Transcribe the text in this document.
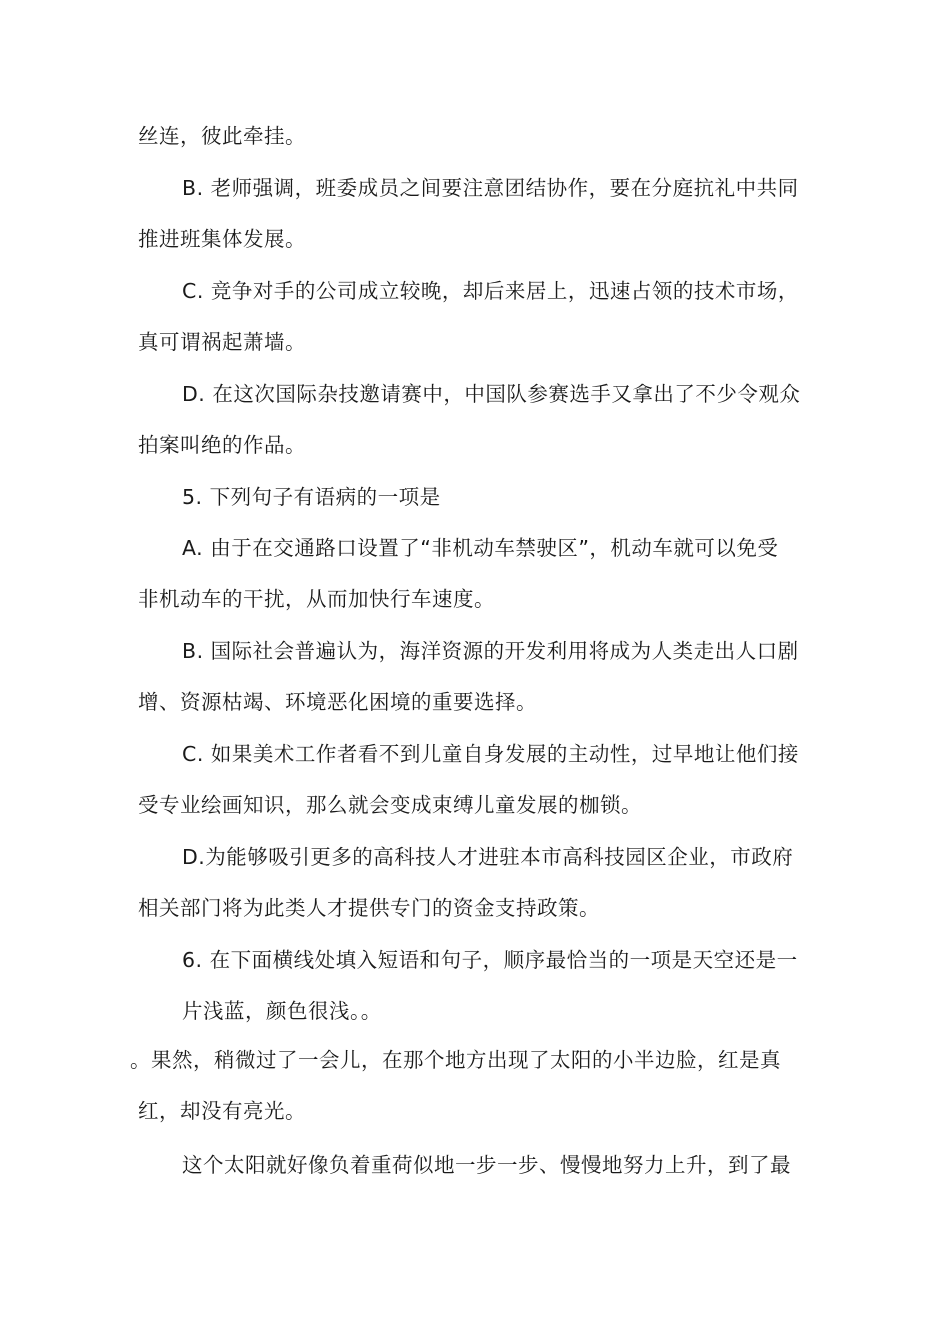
丝连，彼此牵挂。
B. 老师强调，班委成员之间要注意团结协作，要在分庭抗礼中共同
推进班集体发展。
C. 竞争对手的公司成立较晚，却后来居上，迅速占领的技术市场，
真可谓祸起萧墙。
D. 在这次国际杂技邀请赛中，中国队参赛选手又拿出了不少令观众
拍案叫绝的作品。
5. 下列句子有语病的一项是
A. 由于在交通路口设置了“非机动车禁驶区”，机动车就可以免受
非机动车的干扰，从而加快行车速度。
B. 国际社会普遍认为，海洋资源的开发利用将成为人类走出人口剧
增、资源枯竭、环境恶化困境的重要选择。
C. 如果美术工作者看不到儿童自身发展的主动性，过早地让他们接
受专业绘画知识，那么就会变成束缚儿童发展的枷锁。
D.为能够吸引更多的高科技人才进驻本市高科技园区企业，市政府
相关部门将为此类人才提供专门的资金支持政策。
6. 在下面横线处填入短语和句子，顺序最恰当的一项是天空还是一
片浅蓝，颜色很浅。。
。果然，稍微过了一会儿，在那个地方出现了太阳的小半边脸，红是真
红，却没有亮光。
这个太阳就好像负着重荷似地一步一步、慢慢地努力上升，到了最
